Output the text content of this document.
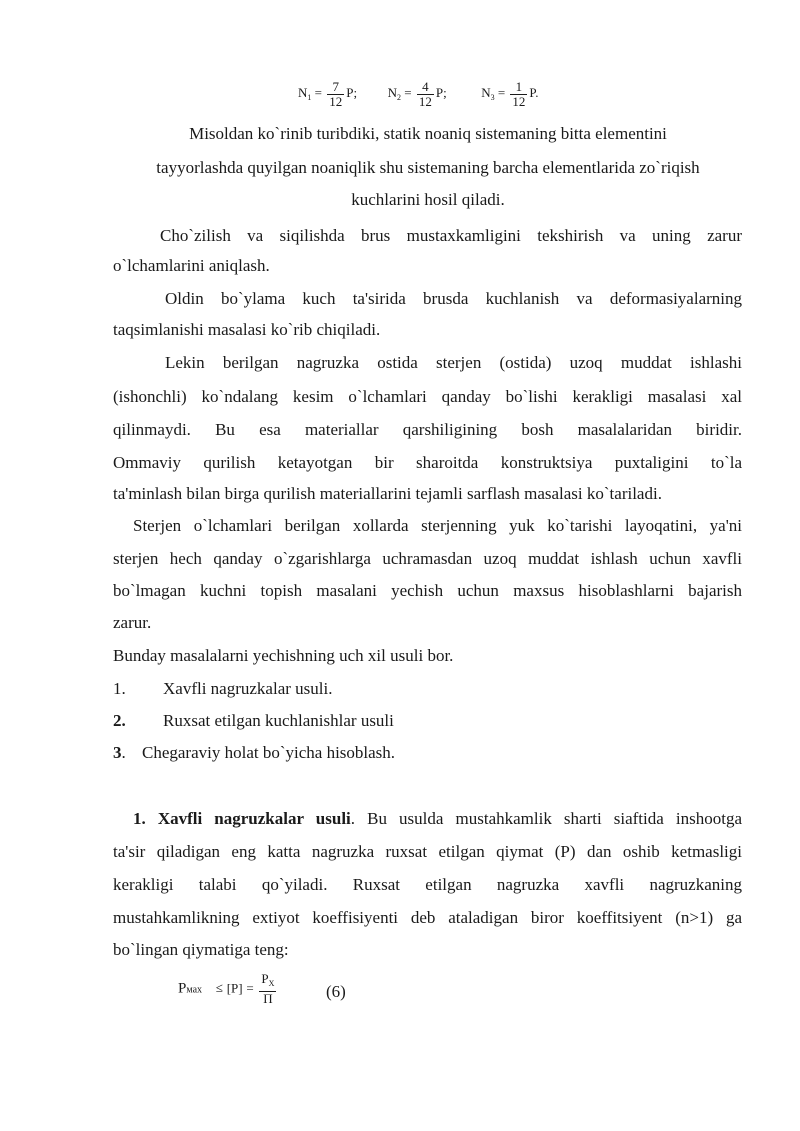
$N_1 = \frac{7}{12} P$; $N_2 = \frac{4}{12} P$;	$N_3 = \frac{1}{12} P$.
Misoldan ko`rinib turibdiki, statik noaniq sistemaning bitta elementini
tayyorlashda quyilgan noaniqlik shu sistemaning barcha elementlarida zo`riqish
kuchlarini hosil qiladi.
Cho`zilish va siqilishda brus mustaxkamligini tekshirish va uning zarur
o`lchamlarini aniqlash.
Oldin bo`ylama kuch ta'sirida brusda kuchlanish va deformasiyalarning
taqsimlanishi masalasi ko`rib chiqiladi.
Lekin berilgan nagruzka ostida sterjen (ostida) uzoq muddat ishlashi
(ishonchli) ko`ndalang kesim o`lchamlari qanday bo`lishi kerakligi masalasi xal
qilinmaydi. Bu esa materiallar qarshiligining bosh masalalaridan biridir.
Ommaviy qurilish ketayotgan bir sharoitda konstruktsiya puxtaligini to`la
ta'minlash bilan birga qurilish materiallarini tejamli sarflash masalasi ko`tariladi.
Sterjen o`lchamlari berilgan xollarda sterjenning yuk ko`tarishi layoqatini, ya'ni
sterjen hech qanday o`zgarishlarga uchramasdan uzoq muddat ishlash uchun xavfli
bo`lmagan kuchni topish masalani yechish uchun maxsus hisoblashlarni bajarish
zarur.
Bunday masalalarni yechishning uch xil usuli bor.
1. Xavfli nagruzkalar usuli.
2. Ruxsat etilgan kuchlanishlar usuli
3. Chegaraviy holat bo`yicha hisoblash.
1. Xavfli nagruzkalar usuli. Bu usulda mustahkamlik sharti siaftida inshootga
ta'sir qiladigan eng katta nagruzka ruxsat etilgan qiymat (P) dan oshib ketmasligi
kerakligi talabi qo`yiladi. Ruxsat etilgan nagruzka xavfli nagruzkaning
mustahkamlikning extiyot koeffisiyenti deb ataladigan biror koeffitsiyent (n>1) ga
bo`lingan qiymatiga teng:
Pмах ≤ $[P] = \frac{P_X}{П}$	(6)
